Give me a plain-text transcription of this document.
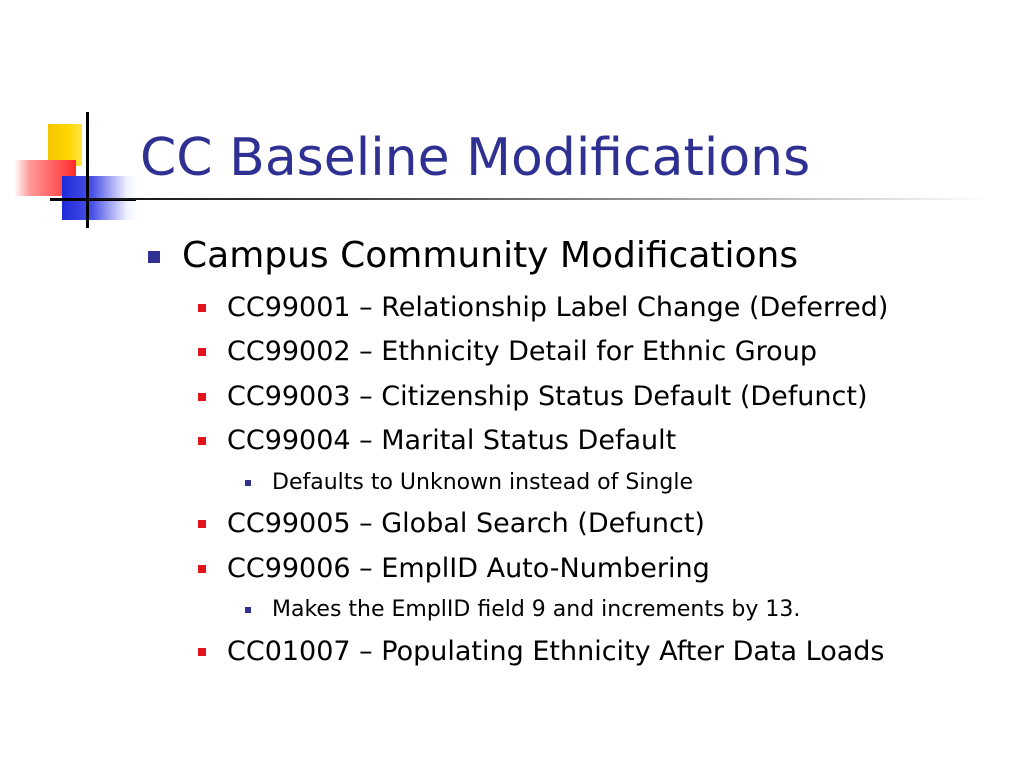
CC Baseline Modifications
Campus Community Modifications
CC99001 – Relationship Label Change (Deferred)
CC99002 – Ethnicity Detail for Ethnic Group
CC99003 – Citizenship Status Default (Defunct)
CC99004 – Marital Status Default
Defaults to Unknown instead of Single
CC99005 – Global Search (Defunct)
CC99006 – EmplID Auto-Numbering
Makes the EmplID field 9 and increments by 13.
CC01007 – Populating Ethnicity After Data Loads
